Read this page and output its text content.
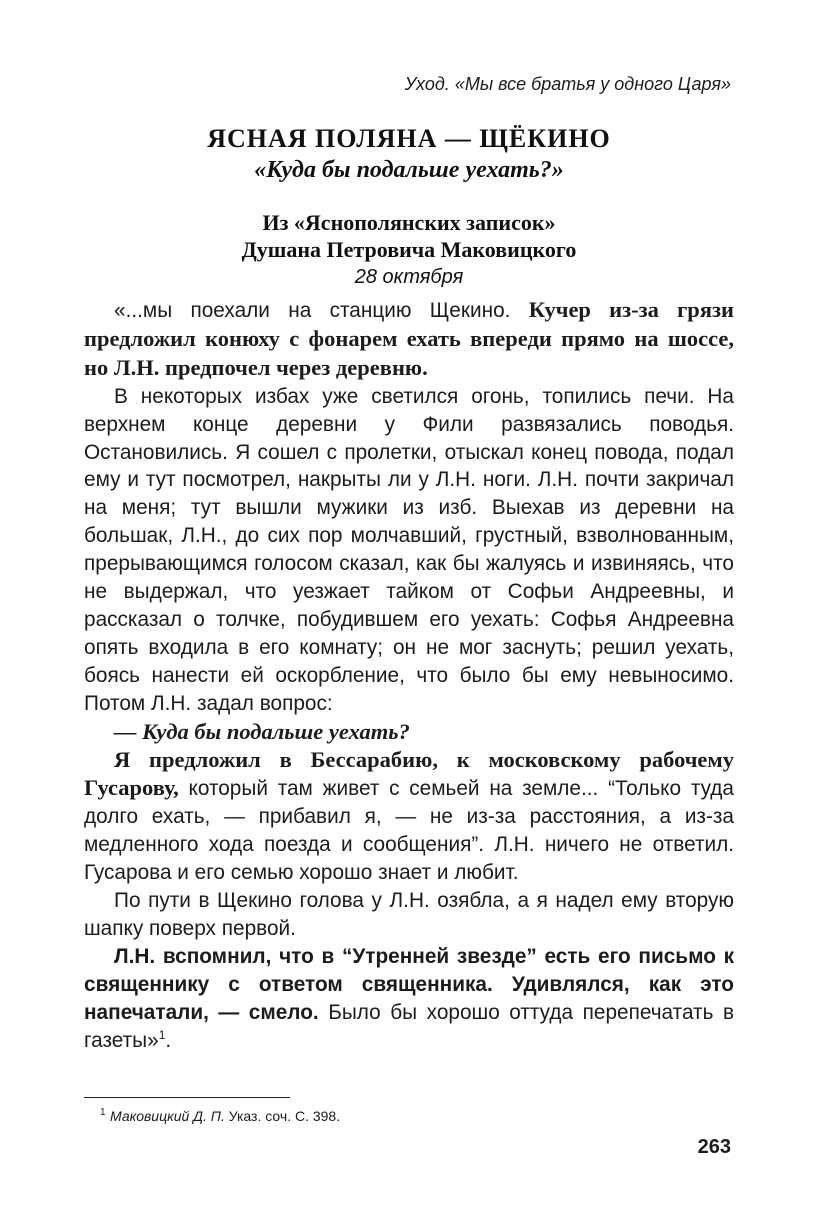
Уход. «Мы все братья у одного Царя»
ЯСНАЯ ПОЛЯНА — ЩЁКИНО
«Куда бы подальше уехать?»
Из «Яснополянских записок»
Душана Петровича Маковицкого
28 октября

«...мы поехали на станцию Щекино. Кучер из-за грязи предложил конюху с фонарем ехать впереди прямо на шоссе, но Л.Н. предпочел через деревню.

В некоторых избах уже светился огонь, топились печи. На верхнем конце деревни у Фили развязались поводья. Остановились. Я сошел с пролетки, отыскал конец повода, подал ему и тут посмотрел, накрыты ли у Л.Н. ноги. Л.Н. почти закричал на меня; тут вышли мужики из изб. Выехав из деревни на большак, Л.Н., до сих пор молчавший, грустный, взволнованным, прерывающимся голосом сказал, как бы жалуясь и извиняясь, что не выдержал, что уезжает тайком от Софьи Андреевны, и рассказал о толчке, побудившем его уехать: Софья Андреевна опять входила в его комнату; он не мог заснуть; решил уехать, боясь нанести ей оскорбление, что было бы ему невыносимо. Потом Л.Н. задал вопрос:

— Куда бы подальше уехать?

Я предложил в Бессарабию, к московскому рабочему Гусарову, который там живет с семьей на земле... “Только туда долго ехать, — прибавил я, — не из-за расстояния, а из-за медленного хода поезда и сообщения”. Л.Н. ничего не ответил. Гусарова и его семью хорошо знает и любит.

По пути в Щекино голова у Л.Н. озябла, а я надел ему вторую шапку поверх первой.

Л.Н. вспомнил, что в “Утренней звезде” есть его письмо к священнику с ответом священника. Удивлялся, как это напечатали, — смело. Было бы хорошо оттуда перепечатать в газеты»$^1$.

1 Маковицкий Д. П. Указ. соч. С. 398.
263
